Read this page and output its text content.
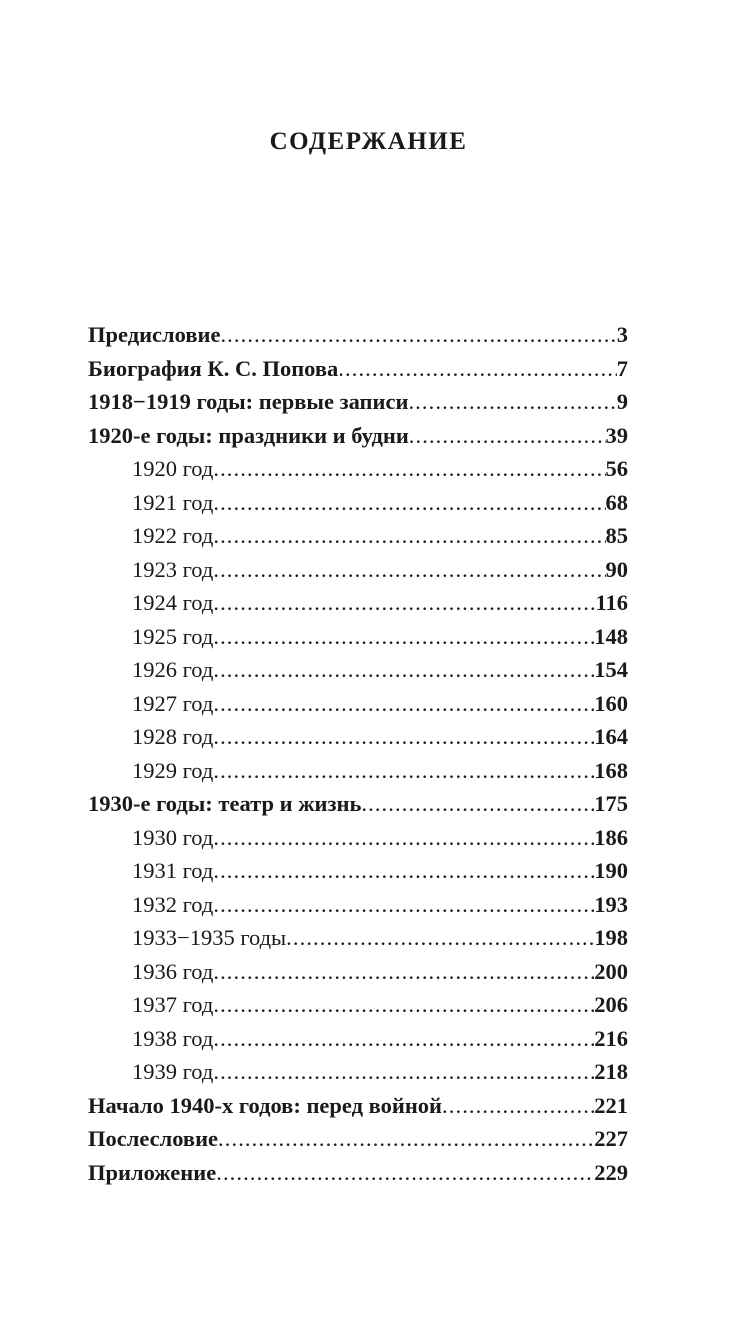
СОДЕРЖАНИЕ
Предисловие .....	3
Биография К. С. Попова .....	7
1918−1919 годы: первые записи .....	9
1920-е годы: праздники и будни .....	39
1920 год .....	56
1921 год .....	68
1922 год .....	85
1923 год .....	90
1924 год .....	116
1925 год .....	148
1926 год .....	154
1927 год .....	160
1928 год .....	164
1929 год .....	168
1930-е годы: театр и жизнь .....	175
1930 год .....	186
1931 год .....	190
1932 год .....	193
1933−1935 годы .....	198
1936 год .....	200
1937 год .....	206
1938 год .....	216
1939 год .....	218
Начало 1940-х годов: перед войной .....	221
Послесловие .....	227
Приложение .....	229
